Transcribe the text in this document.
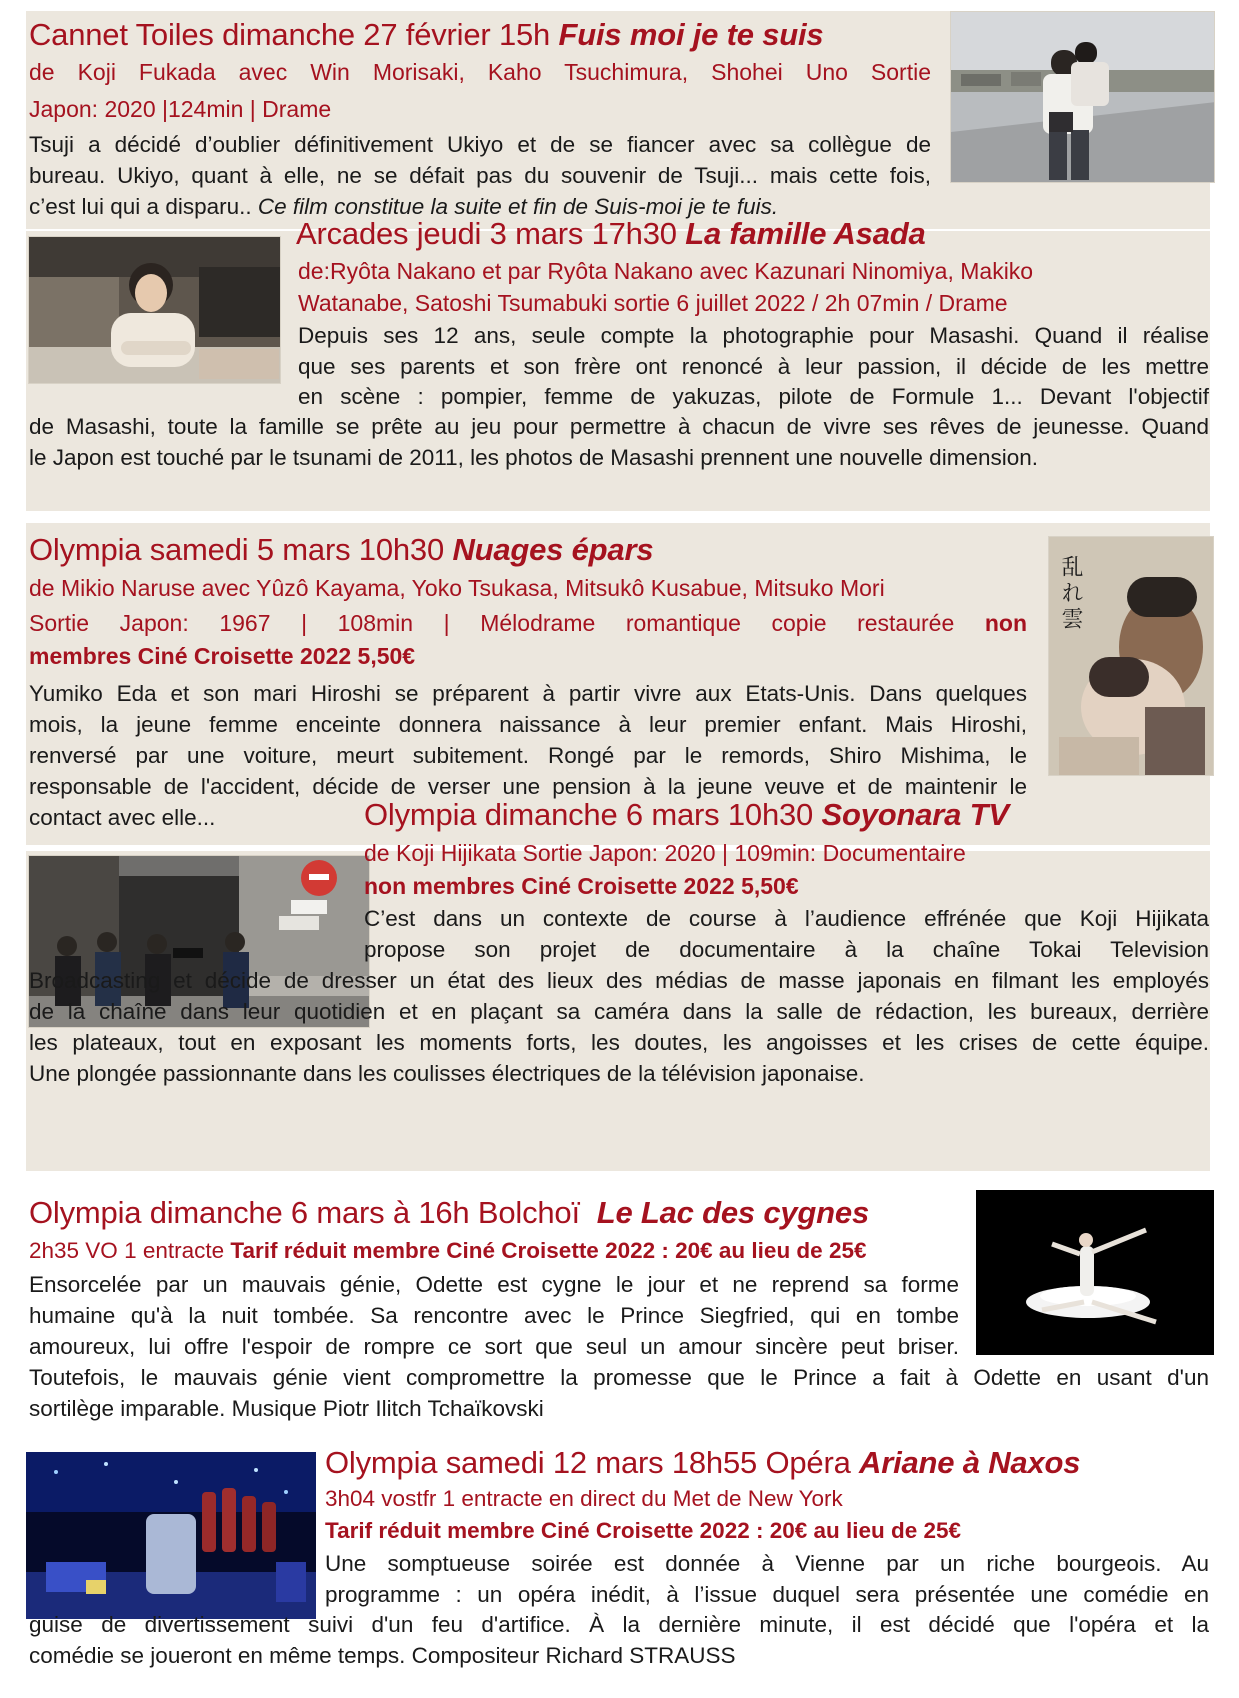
Cannet Toiles dimanche 27 février 15h Fuis moi je te suis
de Koji Fukada avec Win Morisaki, Kaho Tsuchimura, Shohei Uno Sortie
Japon: 2020 |124min | Drame
Tsuji a décidé d’oublier définitivement Ukiyo et de se fiancer avec sa collègue de
bureau. Ukiyo, quant à elle, ne se défait pas du souvenir de Tsuji... mais cette fois,
c’est lui qui a disparu.. Ce film constitue la suite et fin de Suis-moi je te fuis.
Arcades jeudi 3 mars 17h30 La famille Asada
de:Ryôta Nakano et par Ryôta Nakano avec Kazunari Ninomiya, Makiko
Watanabe, Satoshi Tsumabuki sortie 6 juillet 2022 / 2h 07min / Drame
Depuis ses 12 ans, seule compte la photographie pour Masashi. Quand il réalise
que ses parents et son frère ont renoncé à leur passion, il décide de les mettre
en scène : pompier, femme de yakuzas, pilote de Formule 1... Devant l'objectif
de Masashi, toute la famille se prête au jeu pour permettre à chacun de vivre ses rêves de jeunesse. Quand
le Japon est touché par le tsunami de 2011, les photos de Masashi prennent une nouvelle dimension.
Olympia samedi 5 mars 10h30 Nuages épars
de Mikio Naruse avec Yûzô Kayama, Yoko Tsukasa, Mitsukô Kusabue, Mitsuko Mori
Sortie Japon: 1967 | 108min | Mélodrame romantique copie restaurée non
membres Ciné Croisette 2022 5,50€
Yumiko Eda et son mari Hiroshi se préparent à partir vivre aux Etats-Unis. Dans quelques
mois, la jeune femme enceinte donnera naissance à leur premier enfant. Mais Hiroshi,
renversé par une voiture, meurt subitement. Rongé par le remords, Shiro Mishima, le
responsable de l'accident, décide de verser une pension à la jeune veuve et de maintenir le
contact avec elle...
乱れ雲
Olympia dimanche 6 mars 10h30 Soyonara TV
de Koji Hijikata Sortie Japon: 2020 | 109min: Documentaire
non membres Ciné Croisette 2022 5,50€
C’est dans un contexte de course à l’audience effrénée que Koji Hijikata
propose son projet de documentaire à la chaîne Tokai Television
Broadcasting et décide de dresser un état des lieux des médias de masse japonais en filmant les employés
de la chaîne dans leur quotidien et en plaçant sa caméra dans la salle de rédaction, les bureaux, derrière
les plateaux, tout en exposant les moments forts, les doutes, les angoisses et les crises de cette équipe.
Une plongée passionnante dans les coulisses électriques de la télévision japonaise.
Olympia dimanche 6 mars à 16h Bolchoï Le Lac des cygnes
2h35 VO 1 entracte Tarif réduit membre Ciné Croisette 2022 : 20€ au lieu de 25€
Ensorcelée par un mauvais génie, Odette est cygne le jour et ne reprend sa forme
humaine qu'à la nuit tombée. Sa rencontre avec le Prince Siegfried, qui en tombe
amoureux, lui offre l'espoir de rompre ce sort que seul un amour sincère peut briser.
Toutefois, le mauvais génie vient compromettre la promesse que le Prince a fait à Odette en usant d'un
sortilège imparable. Musique Piotr Ilitch Tchaïkovski
Olympia samedi 12 mars 18h55 Opéra Ariane à Naxos
3h04 vostfr 1 entracte en direct du Met de New York
Tarif réduit membre Ciné Croisette 2022 : 20€ au lieu de 25€
Une somptueuse soirée est donnée à Vienne par un riche bourgeois. Au
programme : un opéra inédit, à l’issue duquel sera présentée une comédie en
guise de divertissement suivi d'un feu d'artifice. À la dernière minute, il est décidé que l'opéra et la
comédie se joueront en même temps. Compositeur Richard STRAUSS
